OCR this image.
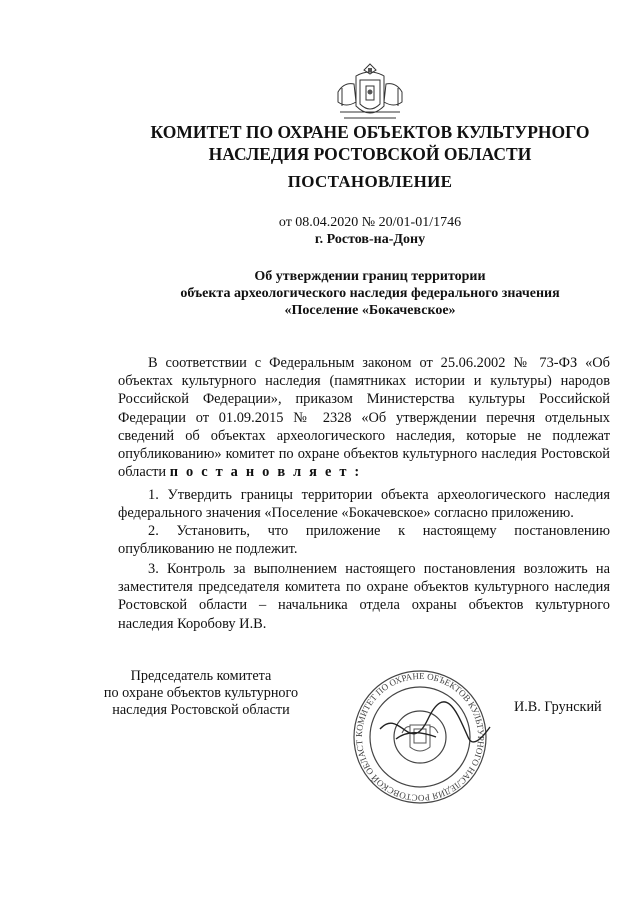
КОМИТЕТ ПО ОХРАНЕ ОБЪЕКТОВ КУЛЬТУРНОГО
НАСЛЕДИЯ РОСТОВСКОЙ ОБЛАСТИ
ПОСТАНОВЛЕНИЕ
от 08.04.2020 № 20/01-01/1746
г. Ростов-на-Дону
Об утверждении границ территории
объекта археологического наследия федерального значения
«Поселение «Бокачевское»
В соответствии с Федеральным законом от 25.06.2002 № 73-ФЗ «Об объектах культурного наследия (памятниках истории и культуры) народов Российской Федерации», приказом Министерства культуры Российской Федерации от 01.09.2015 № 2328 «Об утверждении перечня отдельных сведений об объектах археологического наследия, которые не подлежат опубликованию» комитет по охране объектов культурного наследия Ростовской области п о с т а н о в л я е т :
1. Утвердить границы территории объекта археологического наследия федерального значения «Поселение «Бокачевское» согласно приложению.
2. Установить, что приложение к настоящему постановлению опубликованию не подлежит.
3. Контроль за выполнением настоящего постановления возложить на заместителя председателя комитета по охране объектов культурного наследия Ростовской области – начальника отдела охраны объектов культурного наследия Коробову И.В.
Председатель комитета
по охране объектов культурного
наследия Ростовской области
КОМИТЕТ ПО ОХРАНЕ ОБЪЕКТОВ КУЛЬТУРНОГО НАСЛЕДИЯ РОСТОВСКОЙ ОБЛАСТ
И.В. Грунский
